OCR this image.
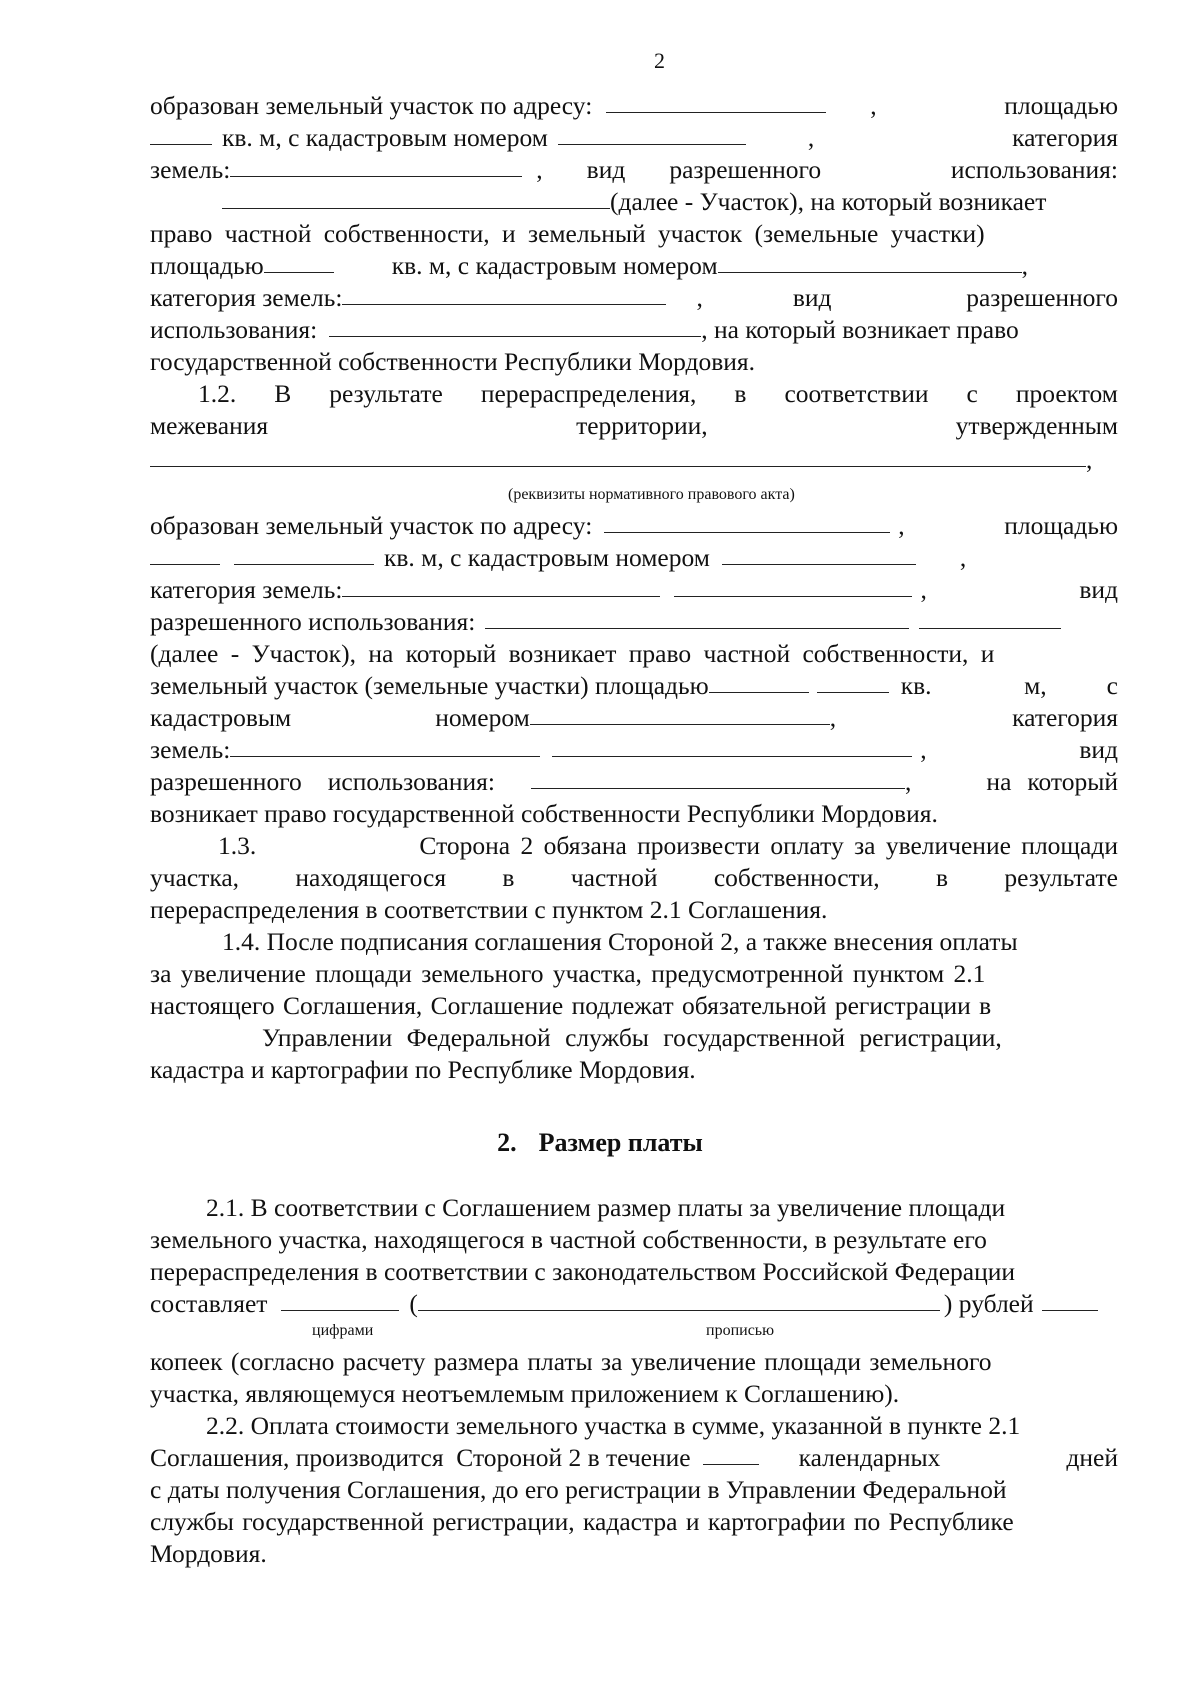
2
образован земельный участок по адресу:	,	площадью
кв. м, с кадастровым номером	,	категория
земель:	, вид разрешенного	использования:
(далее - Участок), на который возникает
право частной собственности, и земельный участок (земельные участки)
площадью	кв. м, с кадастровым номером	,
категория земель:	,	вид	разрешенного
использования:	, на который возникает право
государственной собственности Республики Мордовия.
1.2. В результате перераспределения, в соответствии с проектом
межевания	территории,	утвержденным
,
(реквизиты нормативного правового акта)
образован земельный участок по адресу:	,	площадью
кв. м, с кадастровым номером	,
категория земель:	,	вид
разрешенного использования:
(далее - Участок), на который возникает право частной собственности, и
земельный участок (земельные участки) площадью	кв.	м, с
кадастровым	номером	,	категория
земель:	,	вид
разрешенного использования:	,	на который
возникает право государственной собственности Республики Мордовия.
1.3.	Сторона 2 обязана произвести оплату за увеличение площади
участка, находящегося в частной собственности, в результате
перераспределения в соответствии с пунктом 2.1 Соглашения.
1.4. После подписания соглашения Стороной 2, а также внесения оплаты
за увеличение площади земельного участка, предусмотренной пунктом 2.1
настоящего Соглашения, Соглашение подлежат обязательной регистрации в
Управлении Федеральной службы государственной регистрации,
кадастра и картографии по Республике Мордовия.
2. Размер платы
2.1. В соответствии с Соглашением размер платы за увеличение площади
земельного участка, находящегося в частной собственности, в результате его
перераспределения в соответствии с законодательством Российской Федерации
составляет	(	) рублей
цифрами	прописью
копеек (согласно расчету размера платы за увеличение площади земельного
участка, являющемуся неотъемлемым приложением к Соглашению).
2.2. Оплата стоимости земельного участка в сумме, указанной в пункте 2.1
Соглашения, производится  Стороной 2 в течение	календарных	дней
с даты получения Соглашения, до его регистрации в Управлении Федеральной
службы государственной регистрации, кадастра и картографии по Республике
Мордовия.
